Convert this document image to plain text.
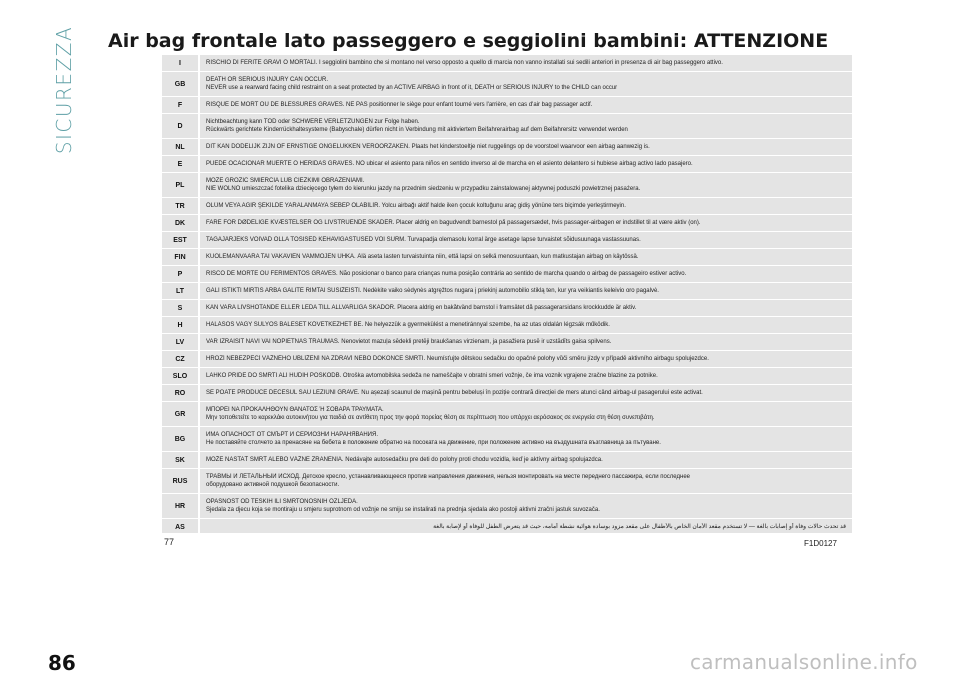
SICUREZZA Air bag frontale lato passeggero e seggiolini bambini: ATTENZIONE
I	RISCHIO DI FERITE GRAVI O MORTALI. I seggiolini bambino che si montano nel verso opposto a quello di marcia non vanno installati sui sedili anteriori in presenza di air bag passeggero attivo.

GB	DEATH OR SERIOUS INJURY CAN OCCUR.
NEVER use a rearward facing child restraint on a seat protected by an ACTIVE AIRBAG in front of it, DEATH or SERIOUS INJURY to the CHILD can occur

F	RISQUE DE MORT OU DE BLESSURES GRAVES. NE PAS positionner le siège pour enfant tourné vers l'arrière, en cas d'air bag passager actif.

D	Nichtbeachtung kann TOD oder SCHWERE VERLETZUNGEN zur Folge haben.
Rückwärts gerichtete Kinderrückhaltesysteme (Babyschale) dürfen nicht in Verbindung mit aktiviertem Beifahrerairbag auf dem Beifahrersitz verwendet werden

NL	DIT KAN DODELIJK ZIJN OF ERNSTIGE ONGELUKKEN VEROORZAKEN. Plaats het kinderstoeltje niet ruggelings op de voorstoel waarvoor een airbag aanwezig is.

E	PUEDE OCACIONAR MUERTE O HERIDAS GRAVES. NO ubicar el asiento para niños en sentido inverso al de marcha en el asiento delantero si hubiese airbag activo lado pasajero.

PL	MOŻE GROZIĆ ŚMIERCIA LUB CIEŻKIMI OBRAŻENIAMI.
NIE WOLNO umieszczać fotelika dziecięcego tyłem do kierunku jazdy na przednim siedzeniu w przypadku zainstalowanej aktywnej poduszki powietrznej pasażera.

TR	ÖLÜM VEYA AĞIR ŞEKİLDE YARALANMAYA SEBEP OLABİLİR. Yolcu airbağı aktif halde iken çocuk koltuğunu araç gidiş yönüne ters biçimde yerleştirmeyin.

DK	FARE FOR DØDELIGE KVÆSTELSER OG LIVSTRUENDE SKADER. Placer aldrig en bagudvendt barnestol på passagersædet, hvis passager-airbagen er indstillet til at være aktiv (on).

EST	TAGAJÄRJEKS VÕIVAD OLLA TÕSISED KEHAVIGASTUSED VÕI SURM. Turvapadja olemasolu korral ärge asetage lapse turvaistet sõidusuunaga vastassuunas.

FIN	KUOLEMANVAARA TAI VAKAVIEN VAMMOJEN UHKA. Älä aseta lasten turvaistuinta niin, että lapsi on selkä menosuuntaan, kun matkustajan airbag on käytössä.

P	RISCO DE MORTE OU FERIMENTOS GRAVES. Não posicionar o banco para crianças numa posição contrária ao sentido de marcha quando o airbag de passageiro estiver activo.

LT	GALI IŠTIKTI MIRTIS ARBA GALITE RIMTAI SUSIŽEISTI. Nedėkite vaiko sėdynės atgręžtos nugara į priekinį automobilio stiklą ten, kur yra veikiantis keleivio oro pagalvė.

S	KAN VARA LIVSHOTANDE ELLER LEDA TILL ALLVARLIGA SKADOR. Placera aldrig en bakåtvänd barnstol i framsätet då passagerarsidans krockkudde är aktiv.

H	HALÁSOS VAGY SÚLYOS BALESET KÖVETKEZHET BE. Ne helyezzük a gyermekülést a menetiránnyal szembe, ha az utas oldalán légzsák működik.

LV	VAR IZRAISĪT NĀVI VAI NOPIETNAS TRAUMAS. Nenovietot mazuļa sēdekli pretēji braukšanas virzienam, ja pasažiera pusē ir uzstādīts gaisa spilvens.

CZ	HROZÍ NEBEZPEČÍ VÁŽNÉHO UBLÍŽENÍ NA ZDRAVÍ NEBO DOKONCE SMRTI. Neumísťujte dětskou sedačku do opačné polohy vůči směru jízdy v případě aktivního airbagu spolujezdce.

SLO	LAHKO PRIDE DO SMRTI ALI HUDIH POŠKODB. Otroška avtomobilska sedeža ne nameščajte v obratni smeri vožnje, če ima voznik vgrajene zračne blazine za potnike.

RO	SE POATE PRODUCE DECESUL SAU LEZIUNI GRAVE. Nu așezați scaunul de mașină pentru bebeluși în poziție contrară direcției de mers atunci când airbag-ul pasagerului este activat.

GR	ΜΠΟΡΕΙ ΝΑ ΠΡΟΚΑΛΗΘΟΥΝ ΘΑΝΑΤΟΣ Ή ΣΟΒΑΡΑ ΤΡΑΥΜΑΤΑ.
Μην τοποθετείτε το καρεκλάκι αυτοκινήτου για παιδιά σε αντίθετη προς την φορά πορείας θέση σε περίπτωση που υπάρχει αερόσακος σε ενεργεία στη θέση συνεπιβάτη.

BG	ИМА ОПАСНОСТ ОТ СМЪРТ И СЕРИОЗНИ НАРАНЯВАНИЯ.
Не поставяйте столчето за пренасяне на бебета в положение обратно на посоката на движение, при положение активно на въздушната възглавница за пътуване.

SK	MÔŽE NASTAŤ SMRŤ ALEBO VÁŽNE ZRANENIA. Nedávajte autosedačku pre deti do polohy proti chodu vozidla, keď je aktívny airbag spolujazdca.

RUS	ТРАВМЫ И ЛЕТАЛЬНЫЙ ИСХОД. Детское кресло, устанавливающееся против направления движения, нельзя монтировать на месте переднего пассажира, если последнее
оборудовано активной подушкой безопасности.

HR	OPASNOST OD TEŠKIH ILI SMRTONOSNIH OZLJEDA.
Sjedala za djecu koja se montiraju u smjeru suprotnom od vožnje ne smiju se instalirati na prednja sjedala ako postoji aktivni zračni jastuk suvozača.

AS	قد تحدث حالات وفاة أو إصابات بالغة — لا تستخدم مقعد الأمان الخاص بالأطفال على مقعد مزود بوسادة هوائية نشطة أمامه، حيث قد يتعرض الطفل للوفاة أو لإصابة بالغة
77	F1D0127
86	carmanualsonline.info
